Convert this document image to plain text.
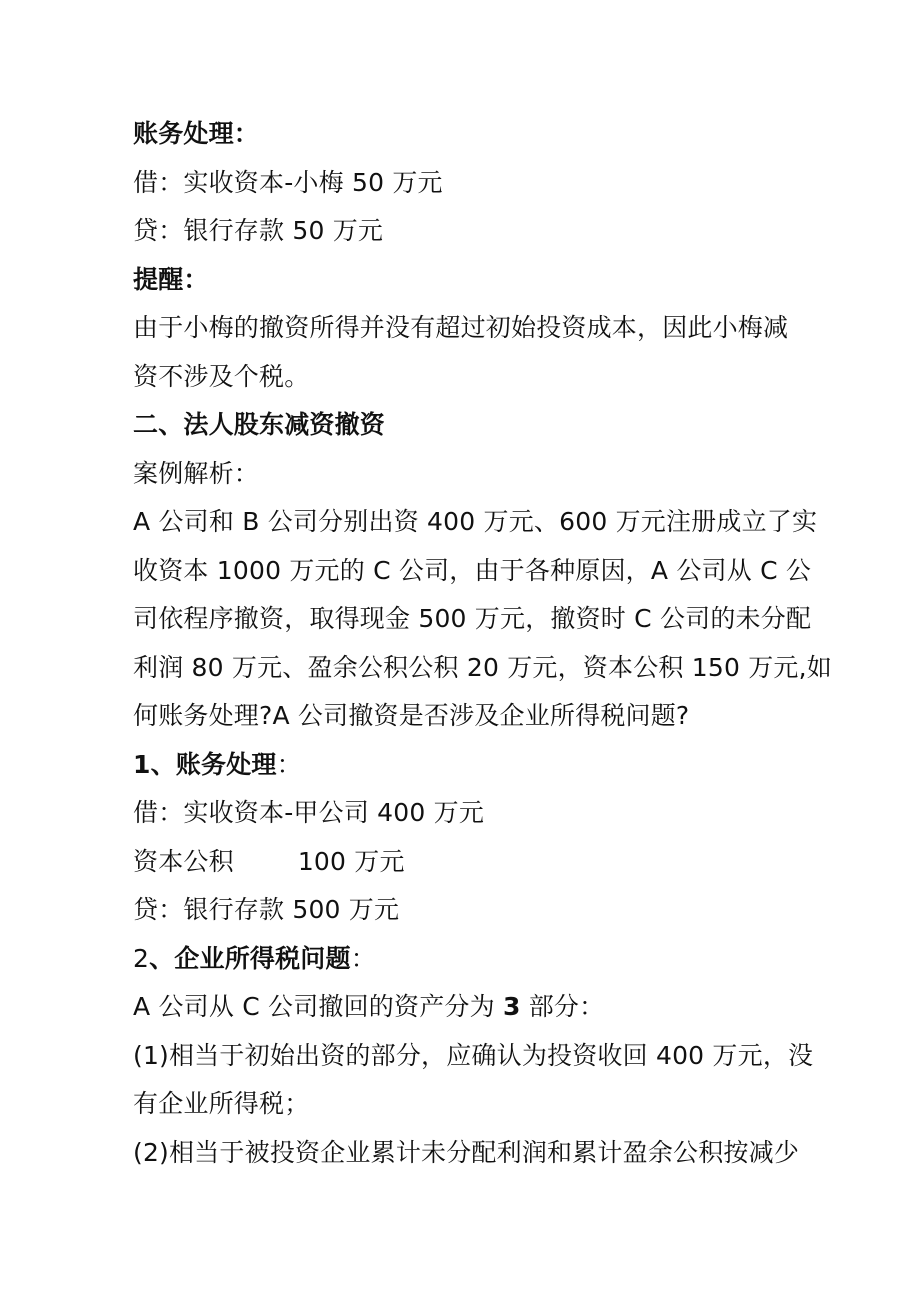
账务处理：
借：实收资本-小梅 50 万元
贷：银行存款 50 万元
提醒：
由于小梅的撤资所得并没有超过初始投资成本，因此小梅减
资不涉及个税。
二、法人股东减资撤资
案例解析：
A 公司和 B 公司分别出资 400 万元、600 万元注册成立了实
收资本 1000 万元的 C 公司，由于各种原因，A 公司从 C 公
司依程序撤资，取得现金 500 万元，撤资时 C 公司的未分配
利润 80 万元、盈余公积公积 20 万元，资本公积 150 万元,如
何账务处理?A 公司撤资是否涉及企业所得税问题?
1、账务处理：
借：实收资本-甲公司 400 万元
资本公积	100 万元
贷：银行存款 500 万元
2、企业所得税问题：
A 公司从 C 公司撤回的资产分为 3 部分：
(1)相当于初始出资的部分，应确认为投资收回 400 万元，没
有企业所得税；
(2)相当于被投资企业累计未分配利润和累计盈余公积按减少
